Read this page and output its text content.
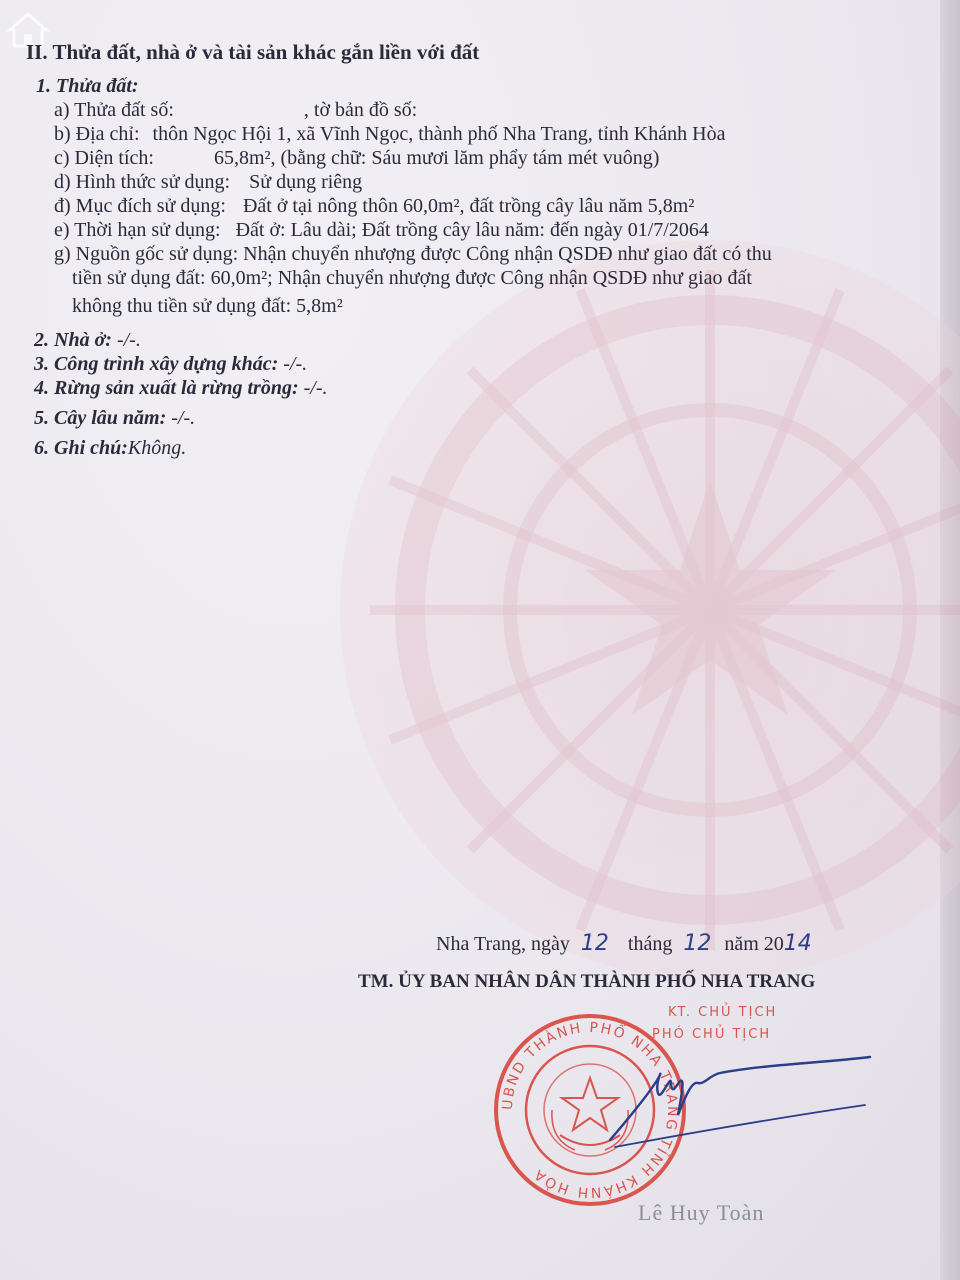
II. Thửa đất, nhà ở và tài sản khác gắn liền với đất
1. Thửa đất:
a) Thửa đất số:	, tờ bản đồ số:
b) Địa chỉ: thôn Ngọc Hội 1, xã Vĩnh Ngọc, thành phố Nha Trang, tỉnh Khánh Hòa
c) Diện tích:	65,8m², (bằng chữ: Sáu mươi lăm phẩy tám mét vuông)
d) Hình thức sử dụng: Sử dụng riêng
đ) Mục đích sử dụng: Đất ở tại nông thôn 60,0m², đất trồng cây lâu năm 5,8m²
e) Thời hạn sử dụng: Đất ở: Lâu dài; Đất trồng cây lâu năm: đến ngày 01/7/2064
g) Nguồn gốc sử dụng: Nhận chuyển nhượng được Công nhận QSDĐ như giao đất có thu
tiền sử dụng đất: 60,0m²; Nhận chuyển nhượng được Công nhận QSDĐ như giao đất
không thu tiền sử dụng đất: 5,8m²
2. Nhà ở: -/-.
3. Công trình xây dựng khác: -/-.
4. Rừng sản xuất là rừng trồng: -/-.
5. Cây lâu năm: -/-.
6. Ghi chú:Không.
Nha Trang, ngày 12 tháng 12 năm 2014
TM. ỦY BAN NHÂN DÂN THÀNH PHỐ NHA TRANG
KT. CHỦ TỊCH
PHÓ CHỦ TỊCH
UBND THÀNH PHỐ NHA TRANG TỈNH KHÁNH HÒA
Lê Huy Toàn
